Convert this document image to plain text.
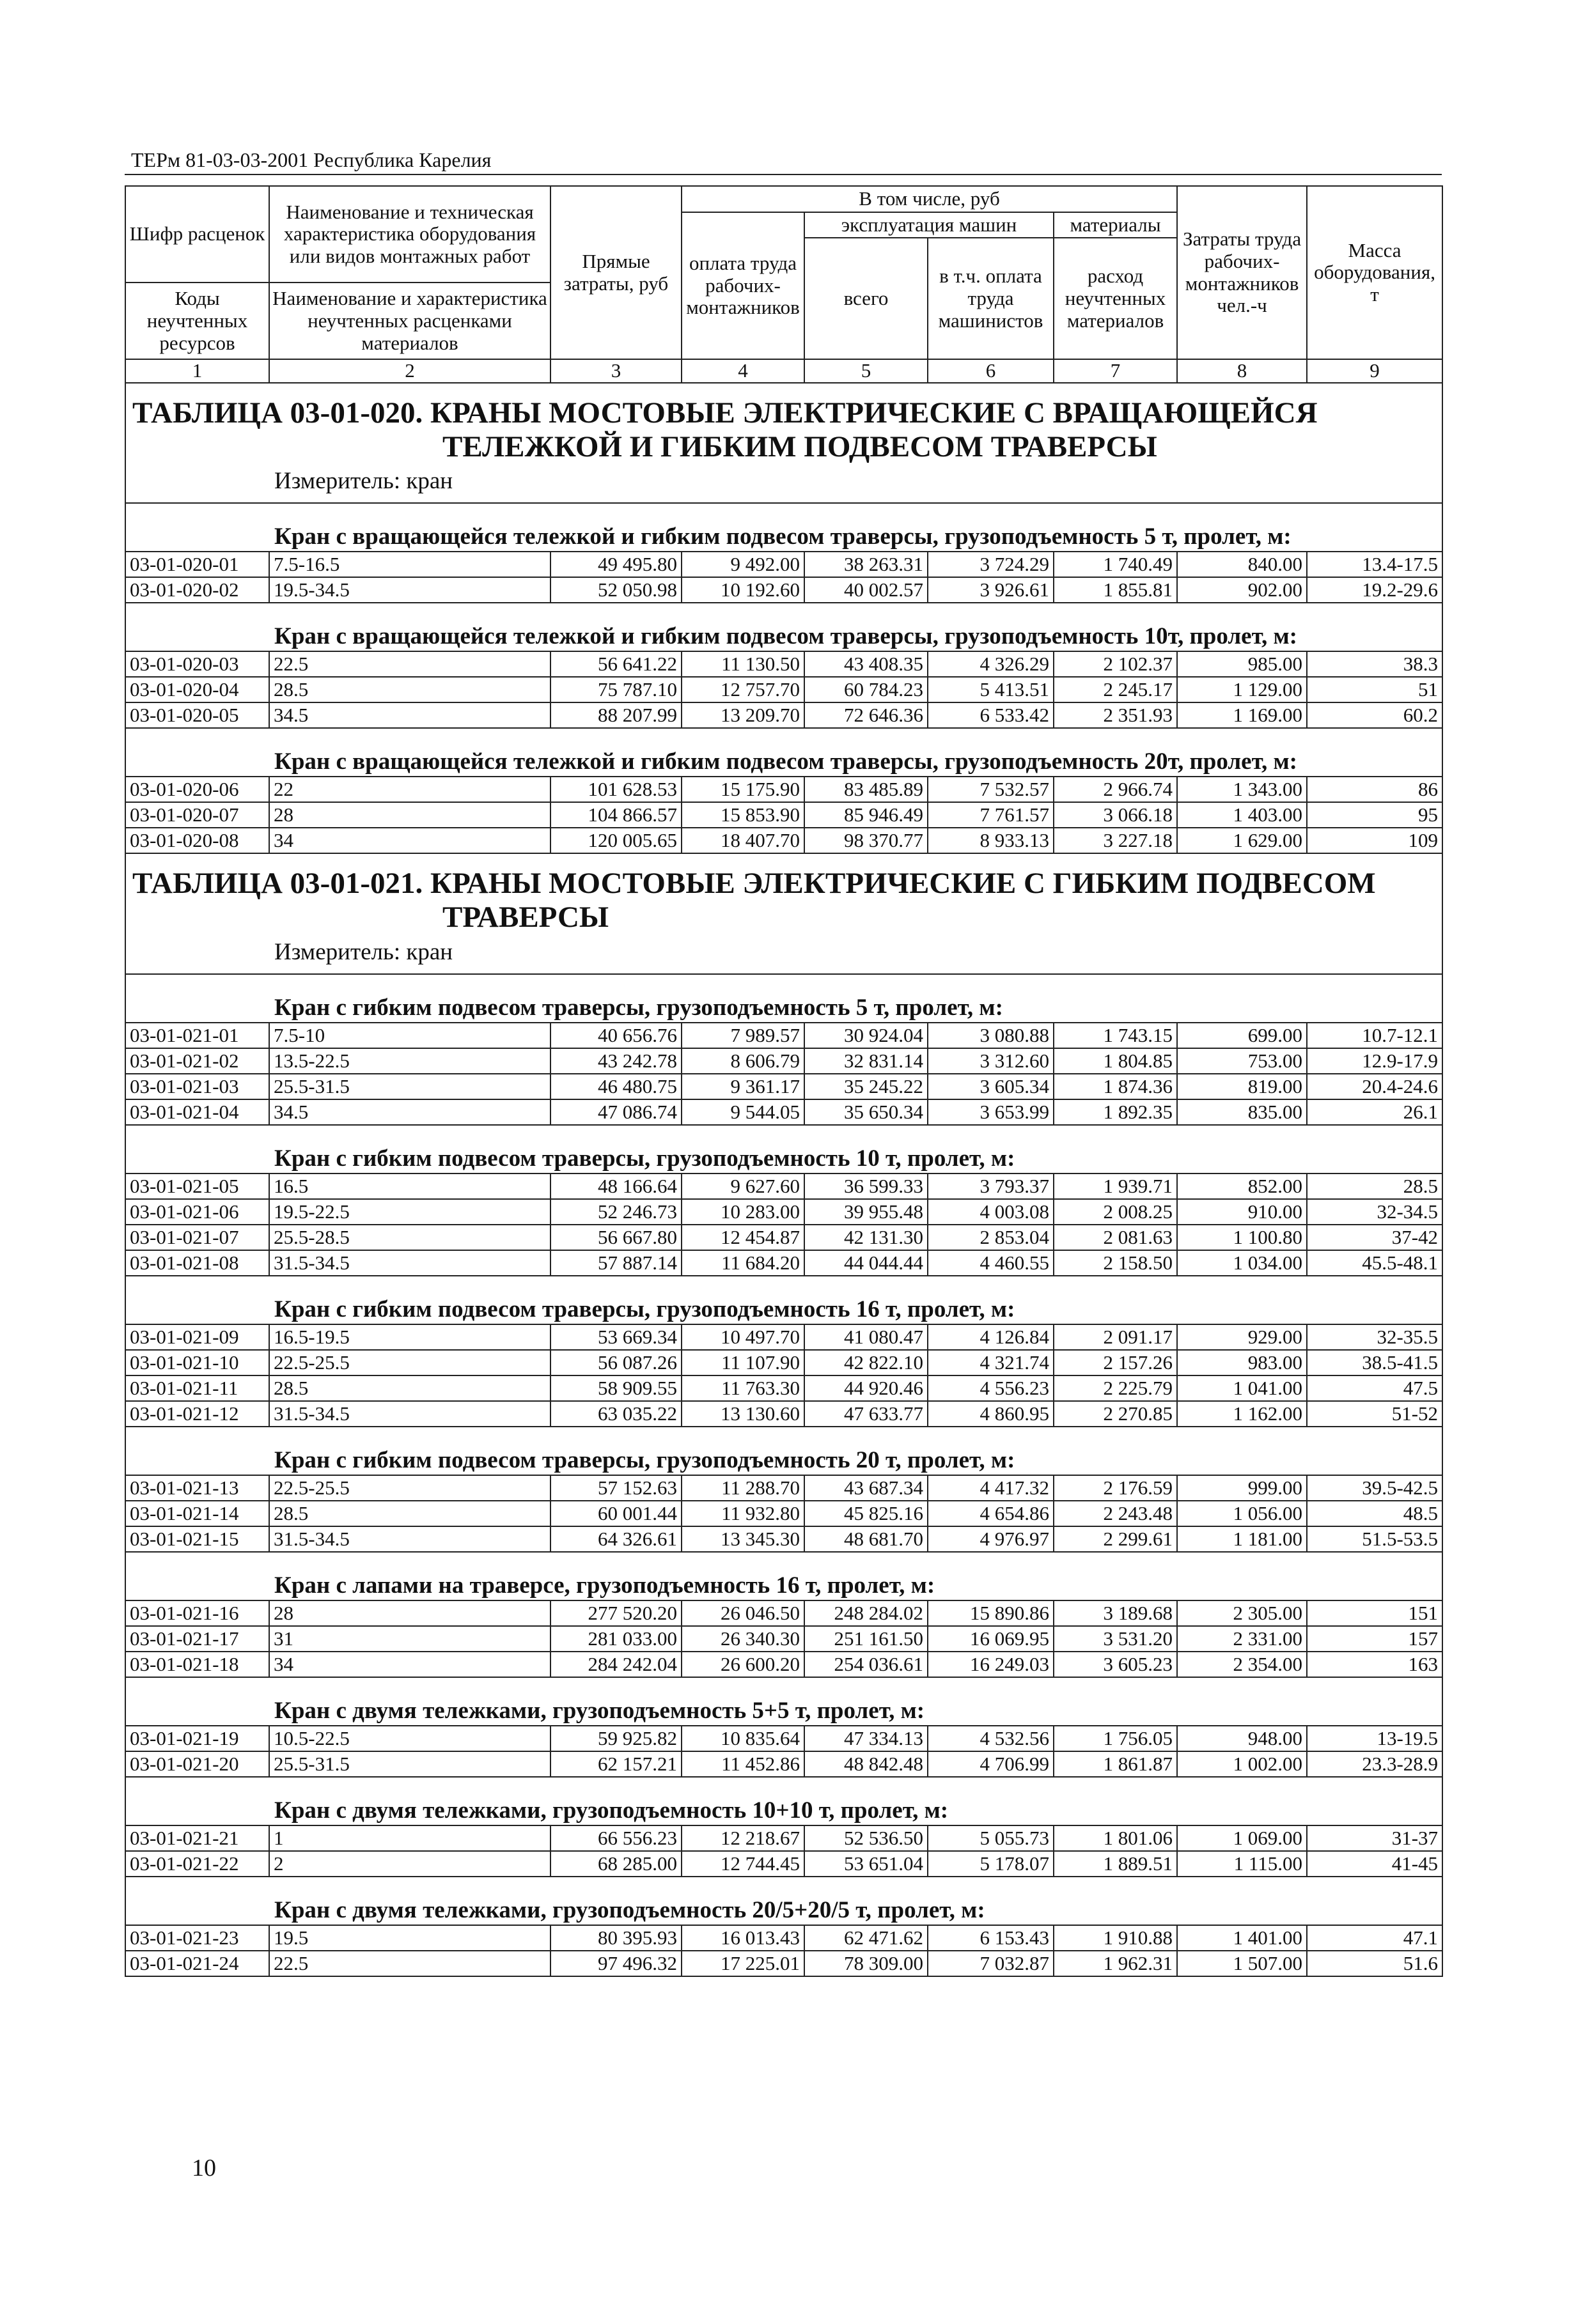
ТЕРм 81-03-03-2001 Республика Карелия
Шифр расценок	Наименование и техническая характеристика оборудования или видов монтажных работ	Прямые затраты, руб	В том числе, руб				Затраты труда рабочих-монтажников чел.-ч	Масса оборудования, т
			оплата труда рабочих-монтажников	эксплуатация машин		материалы		
				всего	в т.ч. оплата труда машинистов	расход неучтенных материалов		
Коды неучтенных ресурсов	Наименование и характеристика неучтенных расценками материалов							

1	2	3	4	5	6	7	8	9
ТАБЛИЦА 03-01-020. КРАНЫ МОСТОВЫЕ ЭЛЕКТРИЧЕСКИЕ С ВРАЩАЮЩЕЙСЯ
ТЕЛЕЖКОЙ И ГИБКИМ ПОДВЕСОМ ТРАВЕРСЫ								

Измеритель: кран								
Кран с вращающейся тележкой и гибким подвесом траверсы, грузоподъемность 5 т, пролет, м:								
03-01-020-01	7.5-16.5	49 495.80	9 492.00	38 263.31	3 724.29	1 740.49	840.00	13.4-17.5
03-01-020-02	19.5-34.5	52 050.98	10 192.60	40 002.57	3 926.61	1 855.81	902.00	19.2-29.6
Кран с вращающейся тележкой и гибким подвесом траверсы, грузоподъемность 10т, пролет, м:								
03-01-020-03	22.5	56 641.22	11 130.50	43 408.35	4 326.29	2 102.37	985.00	38.3
03-01-020-04	28.5	75 787.10	12 757.70	60 784.23	5 413.51	2 245.17	1 129.00	51
03-01-020-05	34.5	88 207.99	13 209.70	72 646.36	6 533.42	2 351.93	1 169.00	60.2
Кран с вращающейся тележкой и гибким подвесом траверсы, грузоподъемность 20т, пролет, м:								
03-01-020-06	22	101 628.53	15 175.90	83 485.89	7 532.57	2 966.74	1 343.00	86
03-01-020-07	28	104 866.57	15 853.90	85 946.49	7 761.57	3 066.18	1 403.00	95
03-01-020-08	34	120 005.65	18 407.70	98 370.77	8 933.13	3 227.18	1 629.00	109
ТАБЛИЦА 03-01-021. КРАНЫ МОСТОВЫЕ ЭЛЕКТРИЧЕСКИЕ С ГИБКИМ ПОДВЕСОМ
ТРАВЕРСЫ								

Измеритель: кран								
Кран с гибким подвесом траверсы, грузоподъемность 5 т, пролет, м:								
03-01-021-01	7.5-10	40 656.76	7 989.57	30 924.04	3 080.88	1 743.15	699.00	10.7-12.1
03-01-021-02	13.5-22.5	43 242.78	8 606.79	32 831.14	3 312.60	1 804.85	753.00	12.9-17.9
03-01-021-03	25.5-31.5	46 480.75	9 361.17	35 245.22	3 605.34	1 874.36	819.00	20.4-24.6
03-01-021-04	34.5	47 086.74	9 544.05	35 650.34	3 653.99	1 892.35	835.00	26.1
Кран с гибким подвесом траверсы, грузоподъемность 10 т, пролет, м:								
03-01-021-05	16.5	48 166.64	9 627.60	36 599.33	3 793.37	1 939.71	852.00	28.5
03-01-021-06	19.5-22.5	52 246.73	10 283.00	39 955.48	4 003.08	2 008.25	910.00	32-34.5
03-01-021-07	25.5-28.5	56 667.80	12 454.87	42 131.30	2 853.04	2 081.63	1 100.80	37-42
03-01-021-08	31.5-34.5	57 887.14	11 684.20	44 044.44	4 460.55	2 158.50	1 034.00	45.5-48.1
Кран с гибким подвесом траверсы, грузоподъемность 16 т, пролет, м:								
03-01-021-09	16.5-19.5	53 669.34	10 497.70	41 080.47	4 126.84	2 091.17	929.00	32-35.5
03-01-021-10	22.5-25.5	56 087.26	11 107.90	42 822.10	4 321.74	2 157.26	983.00	38.5-41.5
03-01-021-11	28.5	58 909.55	11 763.30	44 920.46	4 556.23	2 225.79	1 041.00	47.5
03-01-021-12	31.5-34.5	63 035.22	13 130.60	47 633.77	4 860.95	2 270.85	1 162.00	51-52
Кран с гибким подвесом траверсы, грузоподъемность 20 т, пролет, м:								
03-01-021-13	22.5-25.5	57 152.63	11 288.70	43 687.34	4 417.32	2 176.59	999.00	39.5-42.5
03-01-021-14	28.5	60 001.44	11 932.80	45 825.16	4 654.86	2 243.48	1 056.00	48.5
03-01-021-15	31.5-34.5	64 326.61	13 345.30	48 681.70	4 976.97	2 299.61	1 181.00	51.5-53.5
Кран с лапами на траверсе, грузоподъемность 16 т, пролет, м:								
03-01-021-16	28	277 520.20	26 046.50	248 284.02	15 890.86	3 189.68	2 305.00	151
03-01-021-17	31	281 033.00	26 340.30	251 161.50	16 069.95	3 531.20	2 331.00	157
03-01-021-18	34	284 242.04	26 600.20	254 036.61	16 249.03	3 605.23	2 354.00	163
Кран с двумя тележками, грузоподъемность 5+5 т, пролет, м:								
03-01-021-19	10.5-22.5	59 925.82	10 835.64	47 334.13	4 532.56	1 756.05	948.00	13-19.5
03-01-021-20	25.5-31.5	62 157.21	11 452.86	48 842.48	4 706.99	1 861.87	1 002.00	23.3-28.9
Кран с двумя тележками, грузоподъемность 10+10 т, пролет, м:								
03-01-021-21	1	66 556.23	12 218.67	52 536.50	5 055.73	1 801.06	1 069.00	31-37
03-01-021-22	2	68 285.00	12 744.45	53 651.04	5 178.07	1 889.51	1 115.00	41-45
Кран с двумя тележками, грузоподъемность 20/5+20/5 т, пролет, м:								
03-01-021-23	19.5	80 395.93	16 013.43	62 471.62	6 153.43	1 910.88	1 401.00	47.1
03-01-021-24	22.5	97 496.32	17 225.01	78 309.00	7 032.87	1 962.31	1 507.00	51.6
10
